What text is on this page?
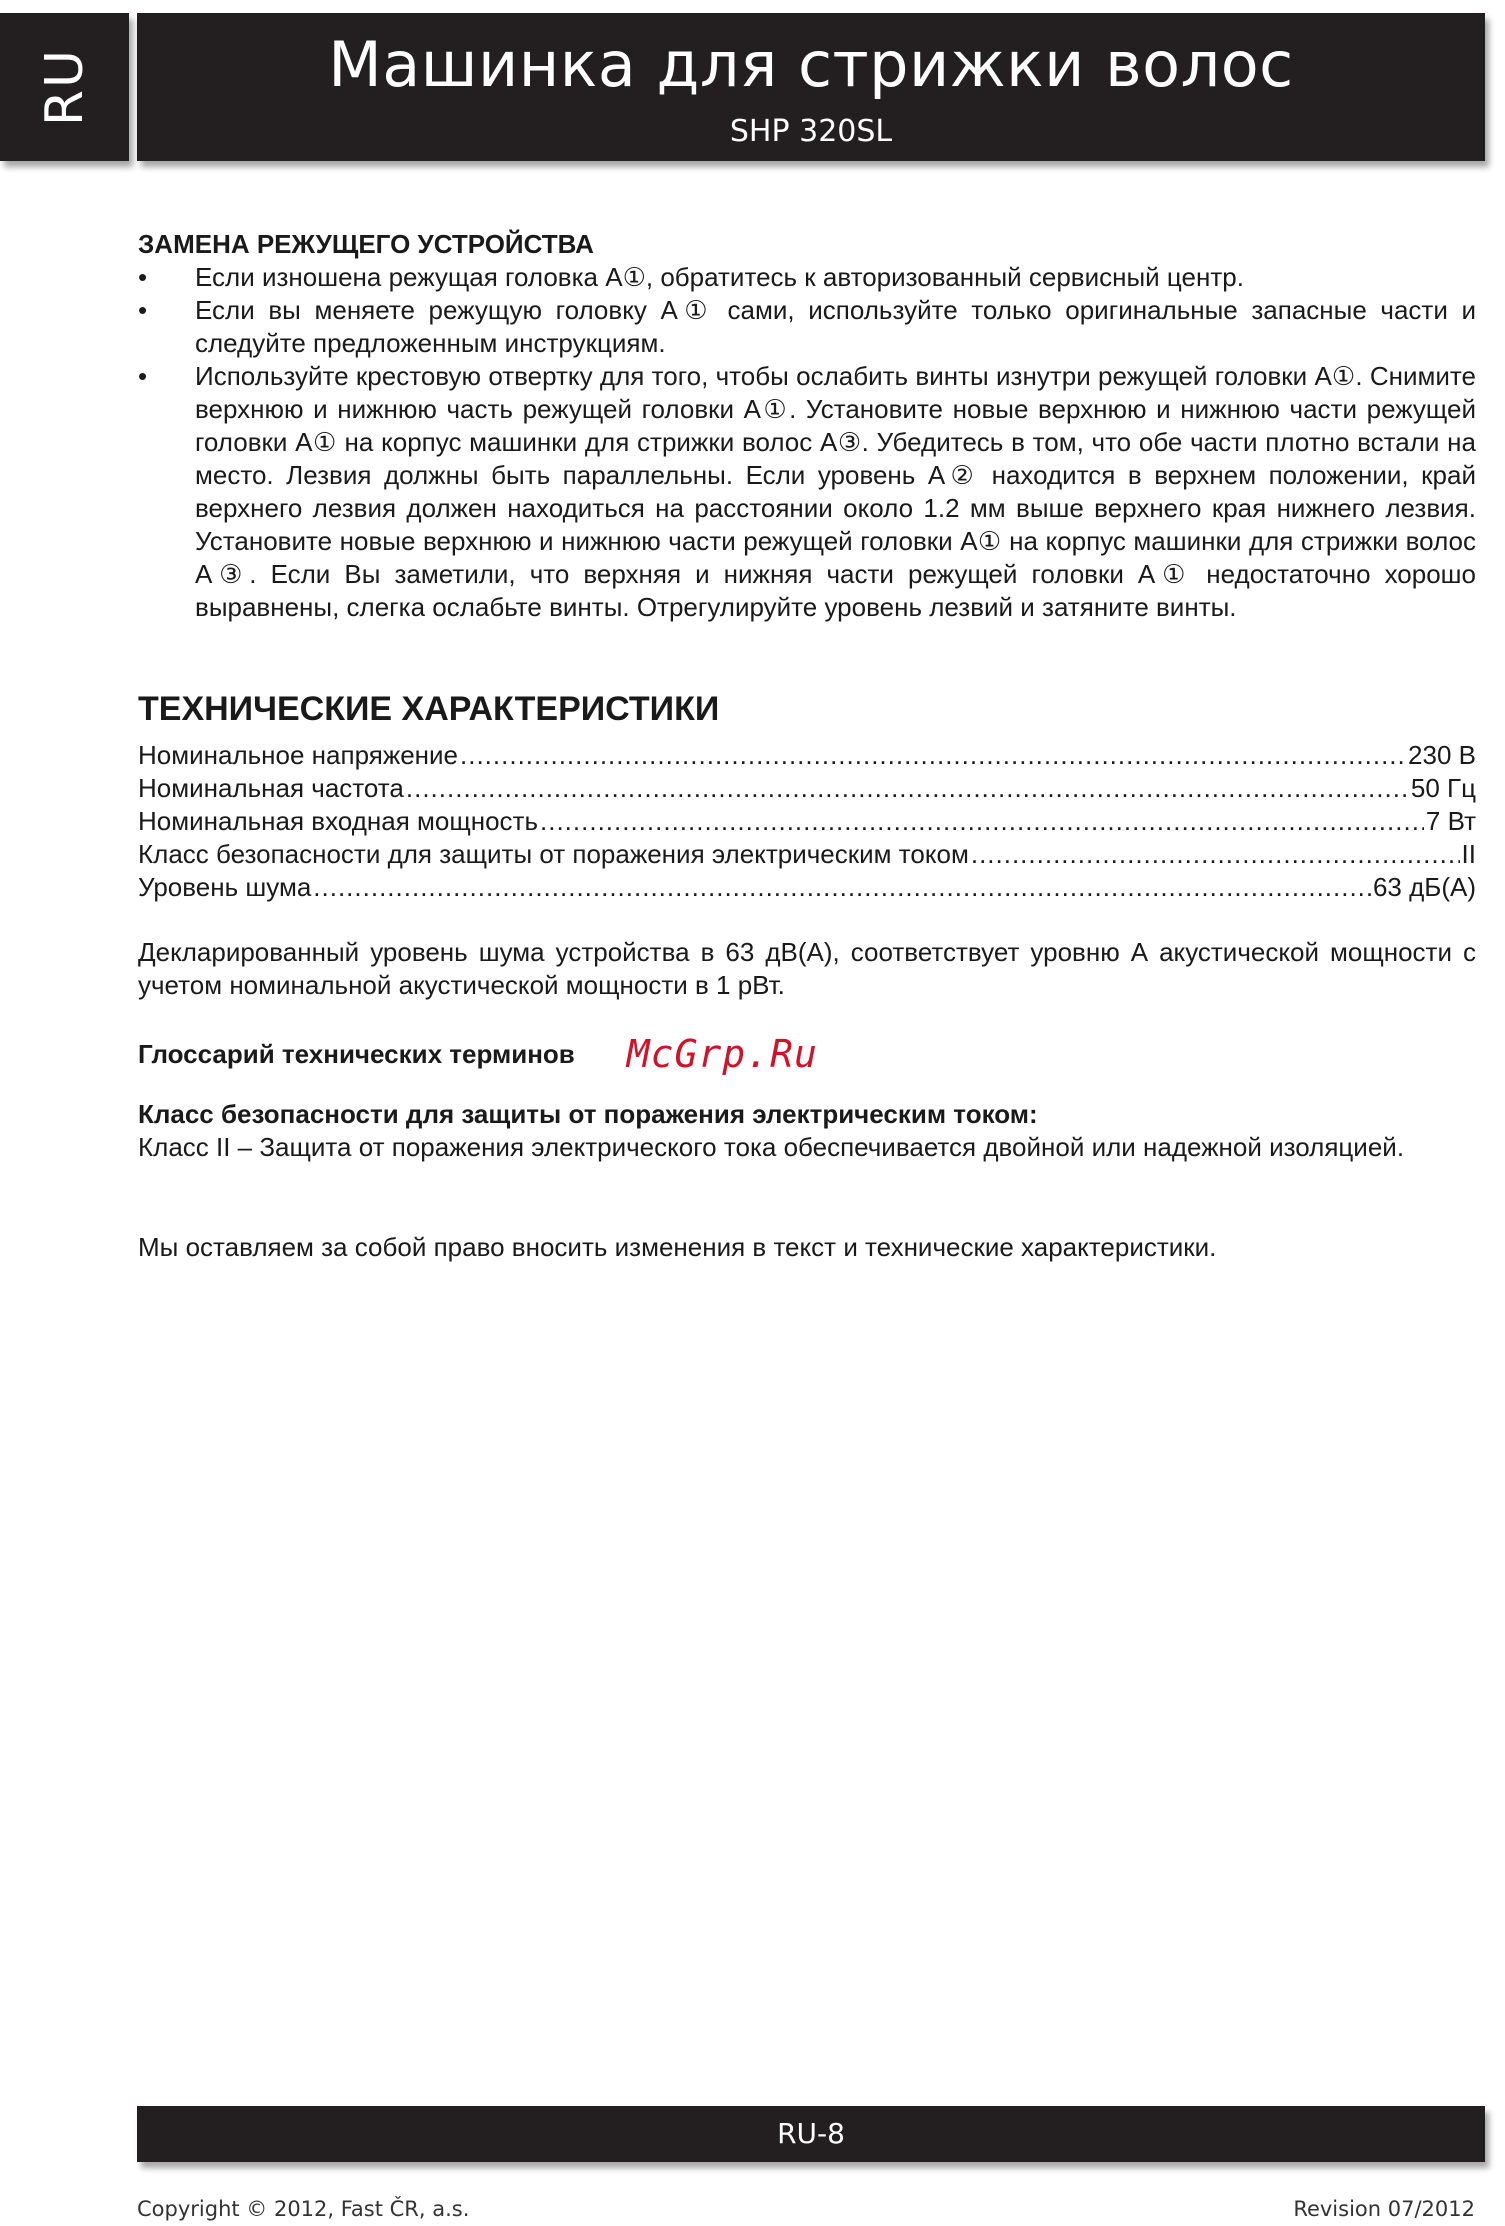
RU	Машинка для стрижки волос
SHP 320SL

ЗАМЕНА РЕЖУЩЕГО УСТРОЙСТВА

• Если изношена режущая головка A①, обратитесь к авторизованный сервисный центр.
• Если вы меняете режущую головку A① сами, используйте только оригинальные запасные части и следуйте предложенным инструкциям.
• Используйте крестовую отвертку для того, чтобы ослабить винты изнутри режущей головки A①. Снимите верхнюю и нижнюю часть режущей головки A①. Установите новые верхнюю и нижнюю части режущей головки A① на корпус машинки для стрижки волос A③. Убедитесь в том, что обе части плотно встали на место. Лезвия должны быть параллельны. Если уровень A② находится в верхнем положении, край верхнего лезвия должен находиться на расстоянии около 1.2 мм выше верхнего края нижнего лезвия. Установите новые верхнюю и нижнюю части режущей головки A① на корпус машинки для стрижки волос A③. Если Вы заметили, что верхняя и нижняя части режущей головки A① недостаточно хорошо выравнены, слегка ослабьте винты. Отрегулируйте уровень лезвий и затяните винты.
ТЕХНИЧЕСКИЕ ХАРАКТЕРИСТИКИ
Номинальное напряжение .....	230 В
Номинальная частота .....	50 Гц
Номинальная входная мощность .....	7 Вт
Класс безопасности для защиты от поражения электрическим током .....	II
Уровень шума .....	63 дБ(A)

Декларированный уровень шума устройства в 63 дВ(А), соответствует уровню А акустической мощности с учетом номинальной акустической мощности в 1 рВт.

Глоссарий технических терминов McGrp.Ru
Класс безопасности для защиты от поражения электрическим током:
Класс II – Защита от поражения электрического тока обеспечивается двойной или надежной изоляцией.

Мы оставляем за собой право вносить изменения в текст и технические характеристики.

RU-8
Copyright © 2012, Fast ČR, a.s.	Revision 07/2012
